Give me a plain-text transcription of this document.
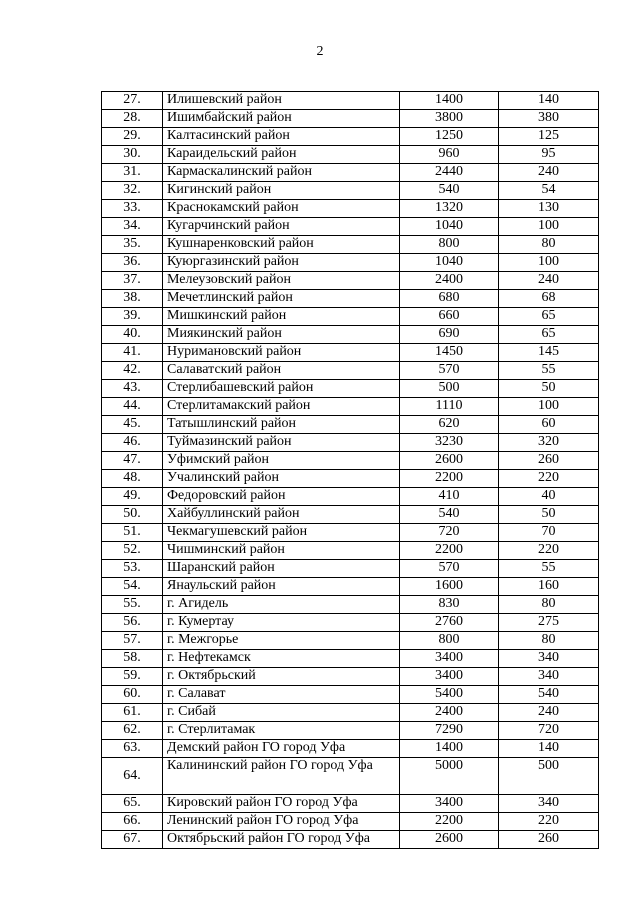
2
27.	Илишевский район	1400	140
28.	Ишимбайский район	3800	380
29.	Калтасинский район	1250	125
30.	Караидельский район	960	95
31.	Кармаскалинский район	2440	240
32.	Кигинский район	540	54
33.	Краснокамский район	1320	130
34.	Кугарчинский район	1040	100
35.	Кушнаренковский район	800	80
36.	Куюргазинский район	1040	100
37.	Мелеузовский район	2400	240
38.	Мечетлинский район	680	68
39.	Мишкинский район	660	65
40.	Миякинский район	690	65
41.	Нуримановский район	1450	145
42.	Салаватский район	570	55
43.	Стерлибашевский район	500	50
44.	Стерлитамакский район	1110	100
45.	Татышлинский район	620	60
46.	Туймазинский район	3230	320
47.	Уфимский район	2600	260
48.	Учалинский район	2200	220
49.	Федоровский район	410	40
50.	Хайбуллинский район	540	50
51.	Чекмагушевский район	720	70
52.	Чишминский район	2200	220
53.	Шаранский район	570	55
54.	Янаульский район	1600	160
55.	г. Агидель	830	80
56.	г. Кумертау	2760	275
57.	г. Межгорье	800	80
58.	г. Нефтекамск	3400	340
59.	г. Октябрьский	3400	340
60.	г. Салават	5400	540
61.	г. Сибай	2400	240
62.	г. Стерлитамак	7290	720
63.	Демский район ГО город Уфа	1400	140
64.	Калининский район ГО город Уфа	5000	500
65.	Кировский район ГО город Уфа	3400	340
66.	Ленинский район ГО город Уфа	2200	220
67.	Октябрьский район ГО город Уфа	2600	260
